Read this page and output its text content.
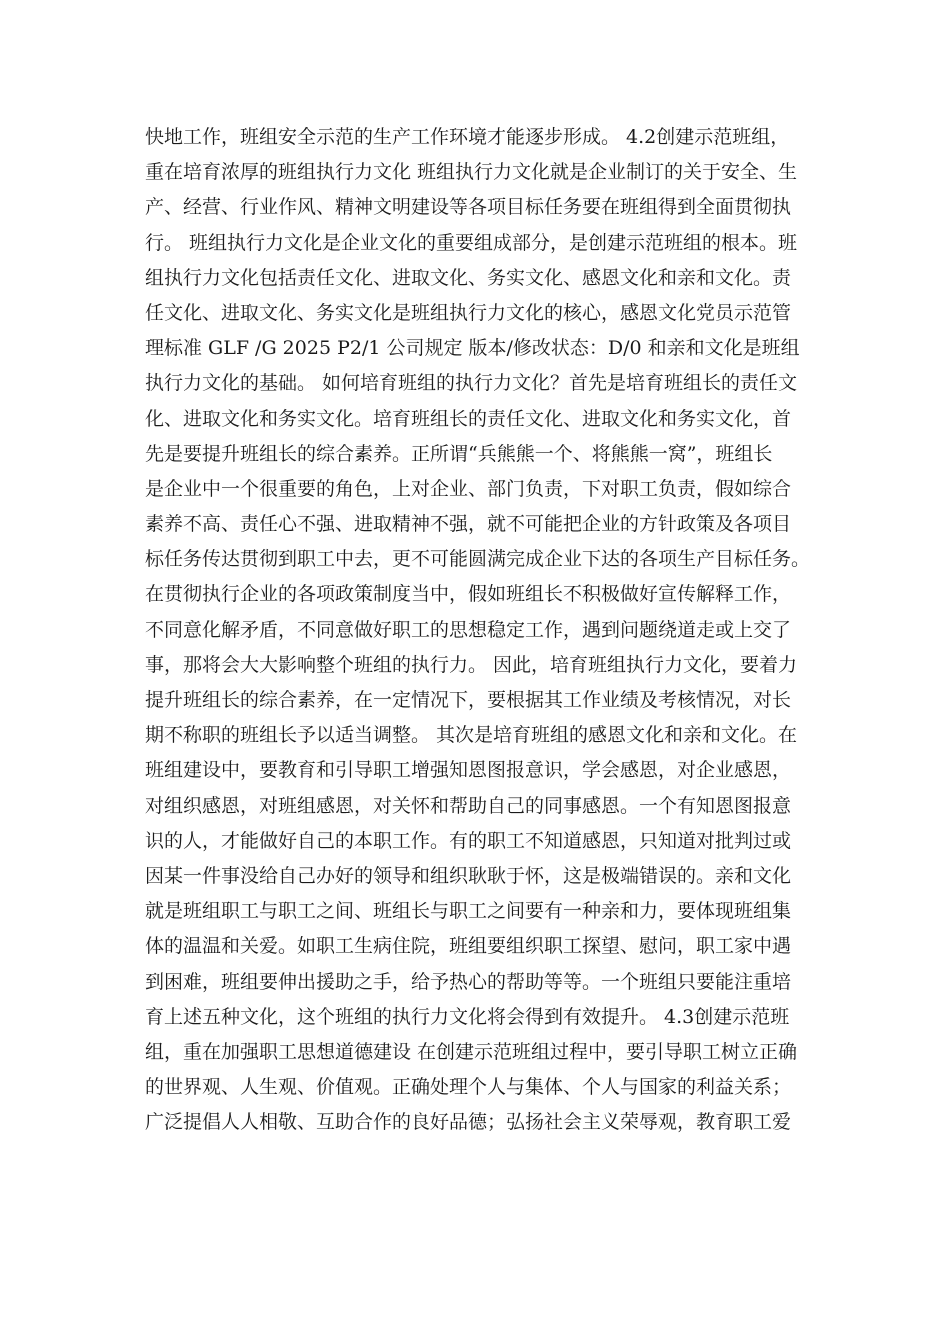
快地工作，班组安全示范的生产工作环境才能逐步形成。 4.2创建示范班组，
重在培育浓厚的班组执行力文化 班组执行力文化就是企业制订的关于安全、生
产、经营、行业作风、精神文明建设等各项目标任务要在班组得到全面贯彻执
行。 班组执行力文化是企业文化的重要组成部分，是创建示范班组的根本。班
组执行力文化包括责任文化、进取文化、务实文化、感恩文化和亲和文化。责
任文化、进取文化、务实文化是班组执行力文化的核心，感恩文化党员示范管
理标准 GLF /G 2025 P2/1 公司规定 版本/修改状态：D/0 和亲和文化是班组
执行力文化的基础。 如何培育班组的执行力文化？首先是培育班组长的责任文
化、进取文化和务实文化。培育班组长的责任文化、进取文化和务实文化，首
先是要提升班组长的综合素养。正所谓“兵熊熊一个、将熊熊一窝”，班组长
是企业中一个很重要的角色，上对企业、部门负责，下对职工负责，假如综合
素养不高、责任心不强、进取精神不强，就不可能把企业的方针政策及各项目
标任务传达贯彻到职工中去，更不可能圆满完成企业下达的各项生产目标任务。
在贯彻执行企业的各项政策制度当中，假如班组长不积极做好宣传解释工作，
不同意化解矛盾，不同意做好职工的思想稳定工作，遇到问题绕道走或上交了
事，那将会大大影响整个班组的执行力。 因此，培育班组执行力文化，要着力
提升班组长的综合素养，在一定情况下，要根据其工作业绩及考核情况，对长
期不称职的班组长予以适当调整。 其次是培育班组的感恩文化和亲和文化。在
班组建设中，要教育和引导职工增强知恩图报意识，学会感恩，对企业感恩，
对组织感恩，对班组感恩，对关怀和帮助自己的同事感恩。一个有知恩图报意
识的人，才能做好自己的本职工作。有的职工不知道感恩，只知道对批判过或
因某一件事没给自己办好的领导和组织耿耿于怀，这是极端错误的。亲和文化
就是班组职工与职工之间、班组长与职工之间要有一种亲和力，要体现班组集
体的温温和关爱。如职工生病住院，班组要组织职工探望、慰问，职工家中遇
到困难，班组要伸出援助之手，给予热心的帮助等等。一个班组只要能注重培
育上述五种文化，这个班组的执行力文化将会得到有效提升。 4.3创建示范班
组，重在加强职工思想道德建设 在创建示范班组过程中，要引导职工树立正确
的世界观、人生观、价值观。正确处理个人与集体、个人与国家的利益关系；
广泛提倡人人相敬、互助合作的良好品德；弘扬社会主义荣辱观，教育职工爱
